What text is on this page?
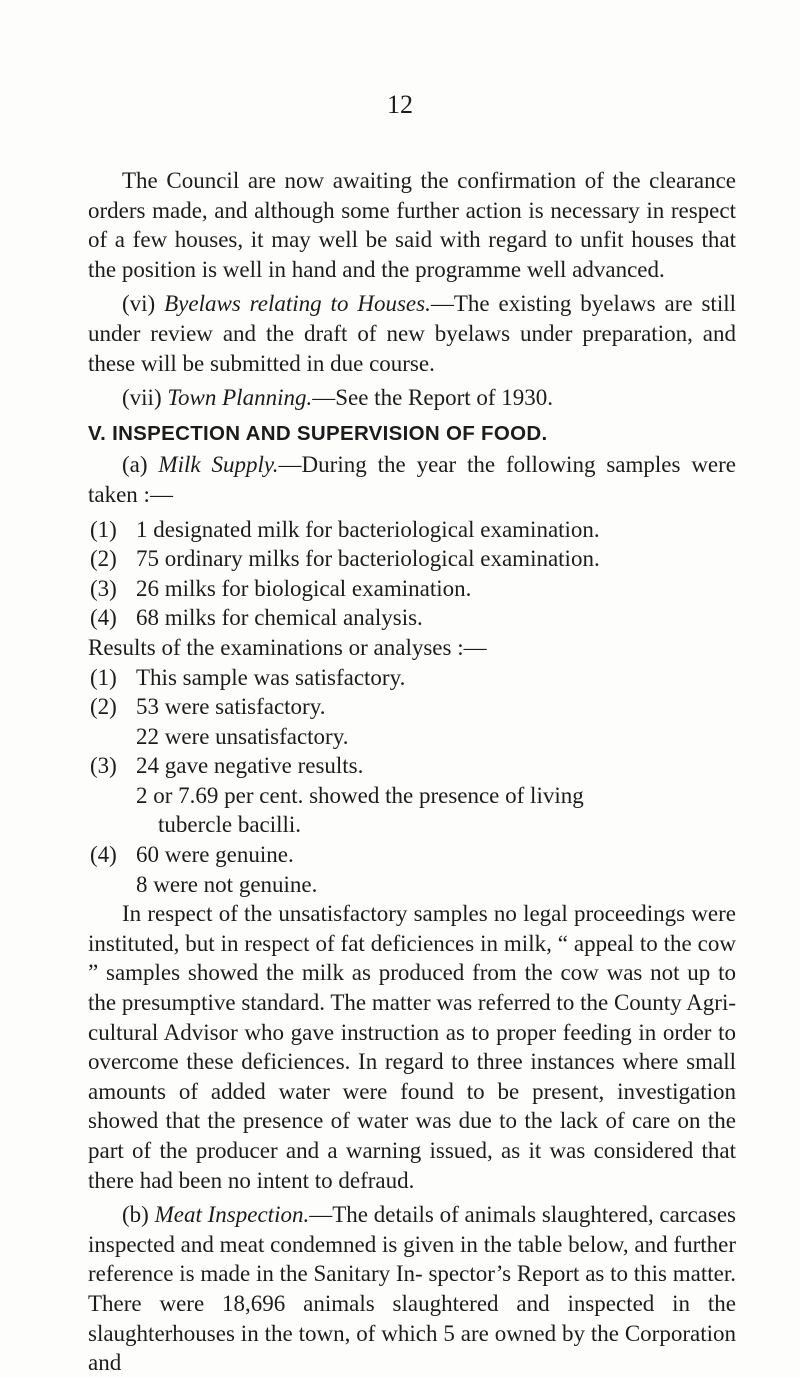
12

The Council are now awaiting the confirmation of the clearance orders made, and although some further action is necessary in respect of a few houses, it may well be said with regard to unfit houses that the position is well in hand and the programme well advanced.

(vi) Byelaws relating to Houses.—The existing byelaws are still under review and the draft of new byelaws under preparation, and these will be submitted in due course.

(vii) Town Planning.—See the Report of 1930.

V. INSPECTION AND SUPERVISION OF FOOD.

(a) Milk Supply.—During the year the following samples were taken :—

(1) 1 designated milk for bacteriological examination.
(2) 75 ordinary milks for bacteriological examination.
(3) 26 milks for biological examination.
(4) 68 milks for chemical analysis.

Results of the examinations or analyses :—

(1) This sample was satisfactory.
(2) 53 were satisfactory.
22 were unsatisfactory.
(3) 24 gave negative results.
2 or 7.69 per cent. showed the presence of living
tubercle bacilli.
(4) 60 were genuine.
8 were not genuine.

In respect of the unsatisfactory samples no legal proceedings were instituted, but in respect of fat deficiences in milk, “ appeal to the cow ” samples showed the milk as produced from the cow was not up to the presumptive standard. The matter was referred to the County Agri- cultural Advisor who gave instruction as to proper feeding in order to overcome these deficiences. In regard to three instances where small amounts of added water were found to be present, investigation showed that the presence of water was due to the lack of care on the part of the producer and a warning issued, as it was considered that there had been no intent to defraud.

(b) Meat Inspection.—The details of animals slaughtered, carcases inspected and meat condemned is given in the table below, and further reference is made in the Sanitary In- spector’s Report as to this matter. There were 18,696 animals slaughtered and inspected in the slaughterhouses in the town, of which 5 are owned by the Corporation and
